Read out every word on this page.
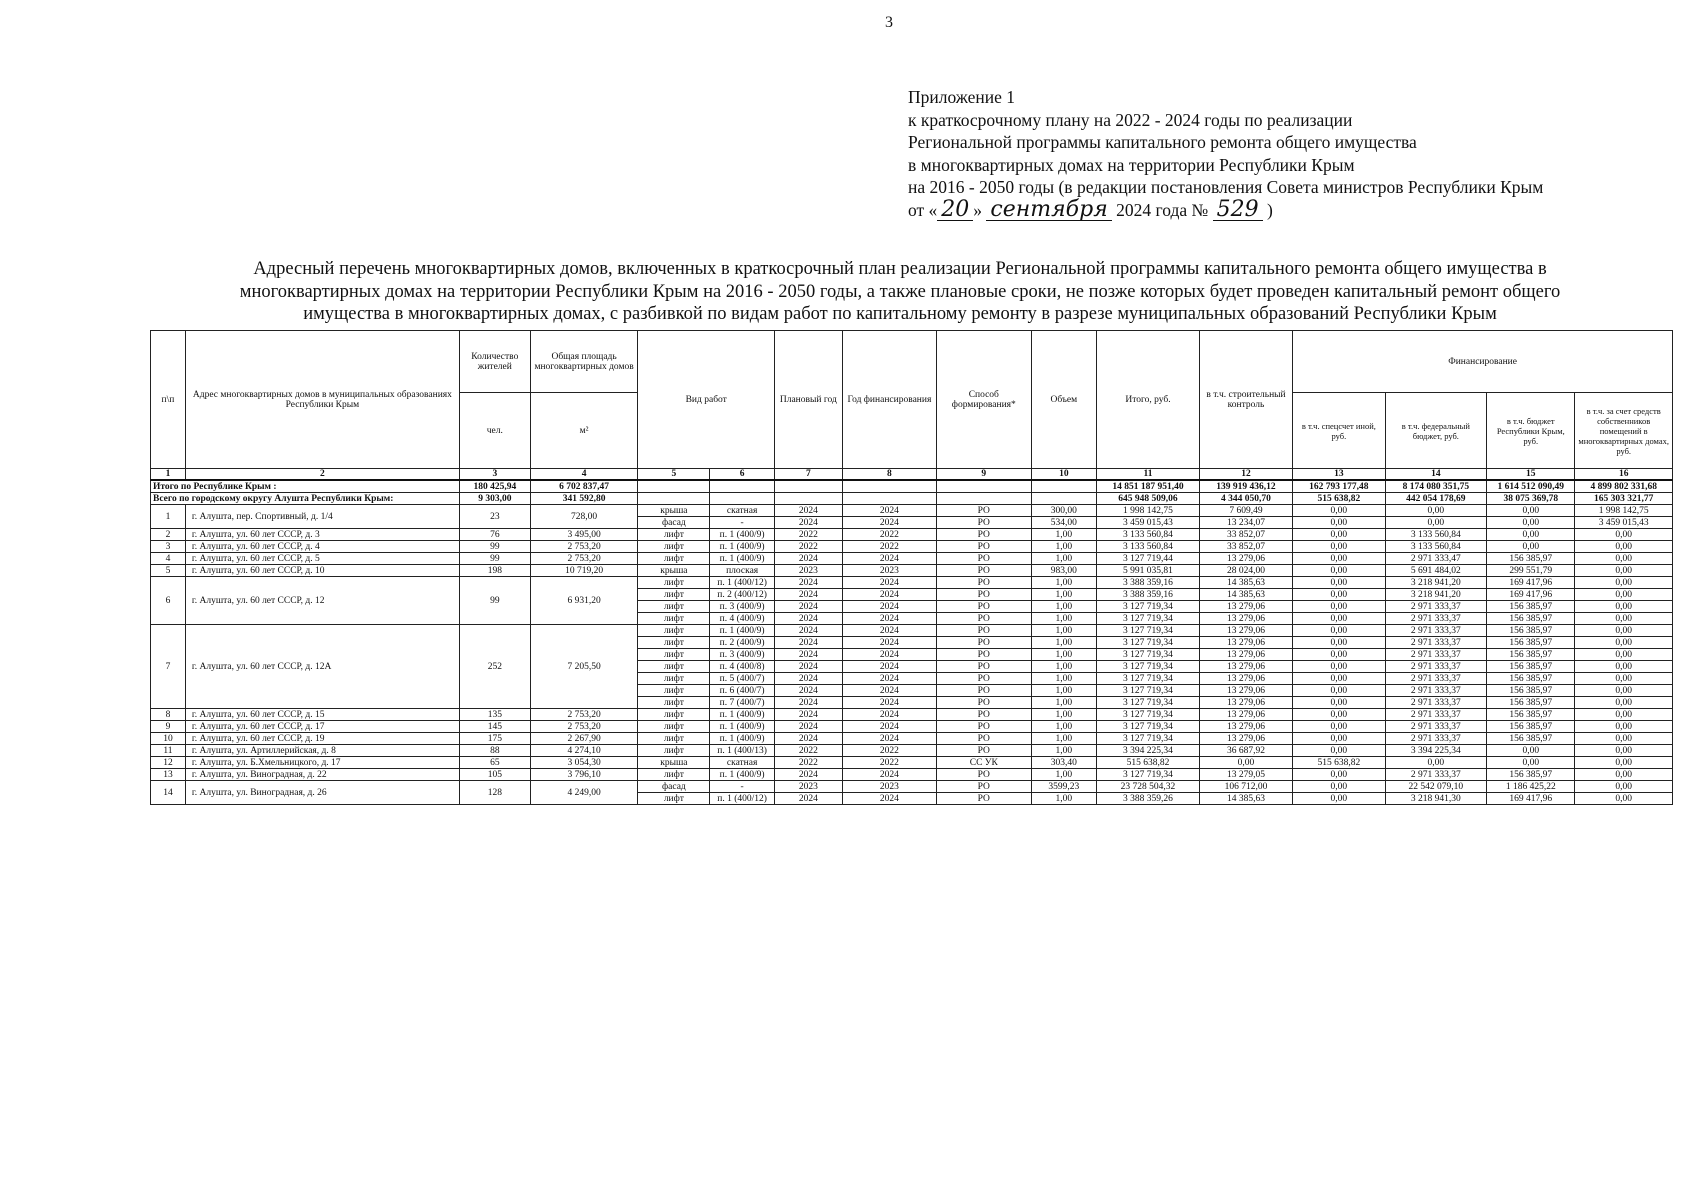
3
Приложение 1
к краткосрочному плану на 2022 - 2024 годы по реализации
Региональной программы капитального ремонта общего имущества
в многоквартирных домах на территории Республики Крым
на 2016 - 2050 годы (в редакции постановления Совета министров Республики Крым
от « 20 » сентября 2024 года № 529 )
Адресный перечень многоквартирных домов, включенных в краткосрочный план реализации Региональной программы капитального ремонта общего имущества в
многоквартирных домах на территории Республики Крым на 2016 - 2050 годы, а также плановые сроки, не позже которых будет проведен капитальный ремонт общего
имущества в многоквартирных домах, с разбивкой по видам работ по капитальному ремонту в разрезе муниципальных образований Республики Крым
п\п	Адрес многоквартирных домов в муниципальных образованиях Республики Крым	Количество жителей	Общая площадь многоквартирных домов	Вид работ		Плановый год	Год финансирования	Способ формирования*	Объем	Итого, руб.	в т.ч. строительный контроль	Финансирование			
		чел.	м²									в т.ч. спецсчет иной, руб.	в т.ч. федеральный бюджет, руб.	в т.ч. бюджет Республики Крым, руб.	в т.ч. за счет средств собственников помещений в многоквартирных домах, руб.
1	2	3	4	5	6	7	8	9	10	11	12	13	14	15	16
Итого по Республике Крым :		180 425,94	6 702 837,47							14 851 187 951,40	139 919 436,12	162 793 177,48	8 174 080 351,75	1 614 512 090,49	4 899 802 331,68
Всего по городскому округу Алушта Республики Крым:		9 303,00	341 592,80							645 948 509,06	4 344 050,70	515 638,82	442 054 178,69	38 075 369,78	165 303 321,77
1	г. Алушта, пер. Спортивный, д. 1/4	23	728,00	крыша	скатная	2024	2024	РО	300,00	1 998 142,75	7 609,49	0,00	0,00	0,00	1 998 142,75
				фасад	-	2024	2024	РО	534,00	3 459 015,43	13 234,07	0,00	0,00	0,00	3 459 015,43
2	г. Алушта, ул. 60 лет СССР, д. 3	76	3 495,00	лифт	п. 1 (400/9)	2022	2022	РО	1,00	3 133 560,84	33 852,07	0,00	3 133 560,84	0,00	0,00
3	г. Алушта, ул. 60 лет СССР, д. 4	99	2 753,20	лифт	п. 1 (400/9)	2022	2022	РО	1,00	3 133 560,84	33 852,07	0,00	3 133 560,84	0,00	0,00
4	г. Алушта, ул. 60 лет СССР, д. 5	99	2 753,20	лифт	п. 1 (400/9)	2024	2024	РО	1,00	3 127 719,44	13 279,06	0,00	2 971 333,47	156 385,97	0,00
5	г. Алушта, ул. 60 лет СССР, д. 10	198	10 719,20	крыша	плоская	2023	2023	РО	983,00	5 991 035,81	28 024,00	0,00	5 691 484,02	299 551,79	0,00
6	г. Алушта, ул. 60 лет СССР, д. 12	99	6 931,20	лифт	п. 1 (400/12)	2024	2024	РО	1,00	3 388 359,16	14 385,63	0,00	3 218 941,20	169 417,96	0,00
				лифт	п. 2 (400/12)	2024	2024	РО	1,00	3 388 359,16	14 385,63	0,00	3 218 941,20	169 417,96	0,00
				лифт	п. 3 (400/9)	2024	2024	РО	1,00	3 127 719,34	13 279,06	0,00	2 971 333,37	156 385,97	0,00
				лифт	п. 4 (400/9)	2024	2024	РО	1,00	3 127 719,34	13 279,06	0,00	2 971 333,37	156 385,97	0,00
7	г. Алушта, ул. 60 лет СССР, д. 12А	252	7 205,50	лифт	п. 1 (400/9)	2024	2024	РО	1,00	3 127 719,34	13 279,06	0,00	2 971 333,37	156 385,97	0,00
				лифт	п. 2 (400/9)	2024	2024	РО	1,00	3 127 719,34	13 279,06	0,00	2 971 333,37	156 385,97	0,00
				лифт	п. 3 (400/9)	2024	2024	РО	1,00	3 127 719,34	13 279,06	0,00	2 971 333,37	156 385,97	0,00
				лифт	п. 4 (400/8)	2024	2024	РО	1,00	3 127 719,34	13 279,06	0,00	2 971 333,37	156 385,97	0,00
				лифт	п. 5 (400/7)	2024	2024	РО	1,00	3 127 719,34	13 279,06	0,00	2 971 333,37	156 385,97	0,00
				лифт	п. 6 (400/7)	2024	2024	РО	1,00	3 127 719,34	13 279,06	0,00	2 971 333,37	156 385,97	0,00
				лифт	п. 7 (400/7)	2024	2024	РО	1,00	3 127 719,34	13 279,06	0,00	2 971 333,37	156 385,97	0,00
8	г. Алушта, ул. 60 лет СССР, д. 15	135	2 753,20	лифт	п. 1 (400/9)	2024	2024	РО	1,00	3 127 719,34	13 279,06	0,00	2 971 333,37	156 385,97	0,00
9	г. Алушта, ул. 60 лет СССР, д. 17	145	2 753,20	лифт	п. 1 (400/9)	2024	2024	РО	1,00	3 127 719,34	13 279,06	0,00	2 971 333,37	156 385,97	0,00
10	г. Алушта, ул. 60 лет СССР, д. 19	175	2 267,90	лифт	п. 1 (400/9)	2024	2024	РО	1,00	3 127 719,34	13 279,06	0,00	2 971 333,37	156 385,97	0,00
11	г. Алушта, ул. Артиллерийская, д. 8	88	4 274,10	лифт	п. 1 (400/13)	2022	2022	РО	1,00	3 394 225,34	36 687,92	0,00	3 394 225,34	0,00	0,00
12	г. Алушта, ул. Б.Хмельницкого, д. 17	65	3 054,30	крыша	скатная	2022	2022	СС УК	303,40	515 638,82	0,00	515 638,82	0,00	0,00	0,00
13	г. Алушта, ул. Виноградная, д. 22	105	3 796,10	лифт	п. 1 (400/9)	2024	2024	РО	1,00	3 127 719,34	13 279,05	0,00	2 971 333,37	156 385,97	0,00
14	г. Алушта, ул. Виноградная, д. 26	128	4 249,00	фасад	-	2023	2023	РО	3599,23	23 728 504,32	106 712,00	0,00	22 542 079,10	1 186 425,22	0,00
				лифт	п. 1 (400/12)	2024	2024	РО	1,00	3 388 359,26	14 385,63	0,00	3 218 941,30	169 417,96	0,00
